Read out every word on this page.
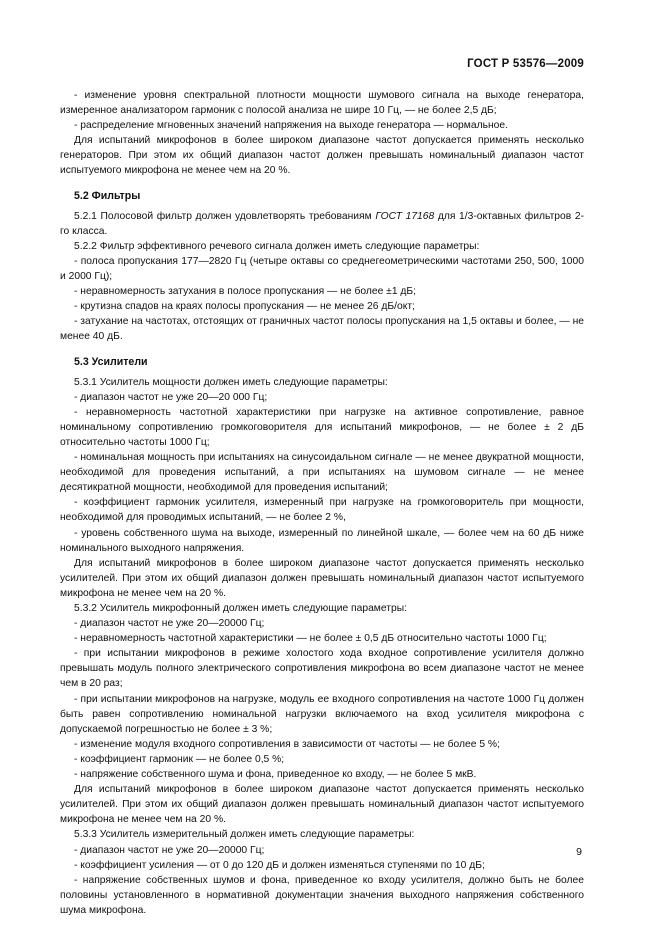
ГОСТ Р 53576—2009

- изменение уровня спектральной плотности мощности шумового сигнала на выходе генератора, измеренное анализатором гармоник с полосой анализа не шире 10 Гц, — не более 2,5 дБ;

- распределение мгновенных значений напряжения на выходе генератора — нормальное.

Для испытаний микрофонов в более широком диапазоне частот допускается применять несколько генераторов. При этом их общий диапазон частот должен превышать номинальный диапазон частот испытуемого микрофона не менее чем на 20 %.

5.2 Фильтры

5.2.1 Полосовой фильтр должен удовлетворять требованиям ГОСТ 17168 для 1/3-октавных фильтров 2-го класса.

5.2.2 Фильтр эффективного речевого сигнала должен иметь следующие параметры:

- полоса пропускания 177—2820 Гц (четыре октавы со среднегеометрическими частотами 250, 500, 1000 и 2000 Гц);

- неравномерность затухания в полосе пропускания — не более ±1 дБ;

- крутизна спадов на краях полосы пропускания — не менее 26 дБ/окт;

- затухание на частотах, отстоящих от граничных частот полосы пропускания на 1,5 октавы и более, — не менее 40 дБ.

5.3 Усилители

5.3.1 Усилитель мощности должен иметь следующие параметры:

- диапазон частот не уже 20—20 000 Гц;

- неравномерность частотной характеристики при нагрузке на активное сопротивление, равное номинальному сопротивлению громкоговорителя для испытаний микрофонов, — не более ± 2 дБ относительно частоты 1000 Гц;

- номинальная мощность при испытаниях на синусоидальном сигнале — не менее двукратной мощности, необходимой для проведения испытаний, а при испытаниях на шумовом сигнале — не менее десятикратной мощности, необходимой для проведения испытаний;

- коэффициент гармоник усилителя, измеренный при нагрузке на громкоговоритель при мощности, необходимой для проводимых испытаний, — не более 2 %,

- уровень собственного шума на выходе, измеренный по линейной шкале, — более чем на 60 дБ ниже номинального выходного напряжения.

Для испытаний микрофонов в более широком диапазоне частот допускается применять несколько усилителей. При этом их общий диапазон должен превышать номинальный диапазон частот испытуемого микрофона не менее чем на 20 %.

5.3.2 Усилитель микрофонный должен иметь следующие параметры:

- диапазон частот не уже 20—20000 Гц;

- неравномерность частотной характеристики — не более ± 0,5 дБ относительно частоты 1000 Гц;

- при испытании микрофонов в режиме холостого хода входное сопротивление усилителя должно превышать модуль полного электрического сопротивления микрофона во всем диапазоне частот не менее чем в 20 раз;

- при испытании микрофонов на нагрузке, модуль ее входного сопротивления на частоте 1000 Гц должен быть равен сопротивлению номинальной нагрузки включаемого на вход усилителя микрофона с допускаемой погрешностью не более ± 3 %;

- изменение модуля входного сопротивления в зависимости от частоты — не более 5 %;

- коэффициент гармоник — не более 0,5 %;

- напряжение собственного шума и фона, приведенное ко входу, — не более 5 мкВ.

Для испытаний микрофонов в более широком диапазоне частот допускается применять несколько усилителей. При этом их общий диапазон должен превышать номинальный диапазон частот испытуемого микрофона не менее чем на 20 %.

5.3.3 Усилитель измерительный должен иметь следующие параметры:

- диапазон частот не уже 20—20000 Гц;

- коэффициент усиления — от 0 до 120 дБ и должен изменяться ступенями по 10 дБ;

- напряжение собственных шумов и фона, приведенное ко входу усилителя, должно быть не более половины установленного в нормативной документации значения выходного напряжения собственного шума микрофона.

9
